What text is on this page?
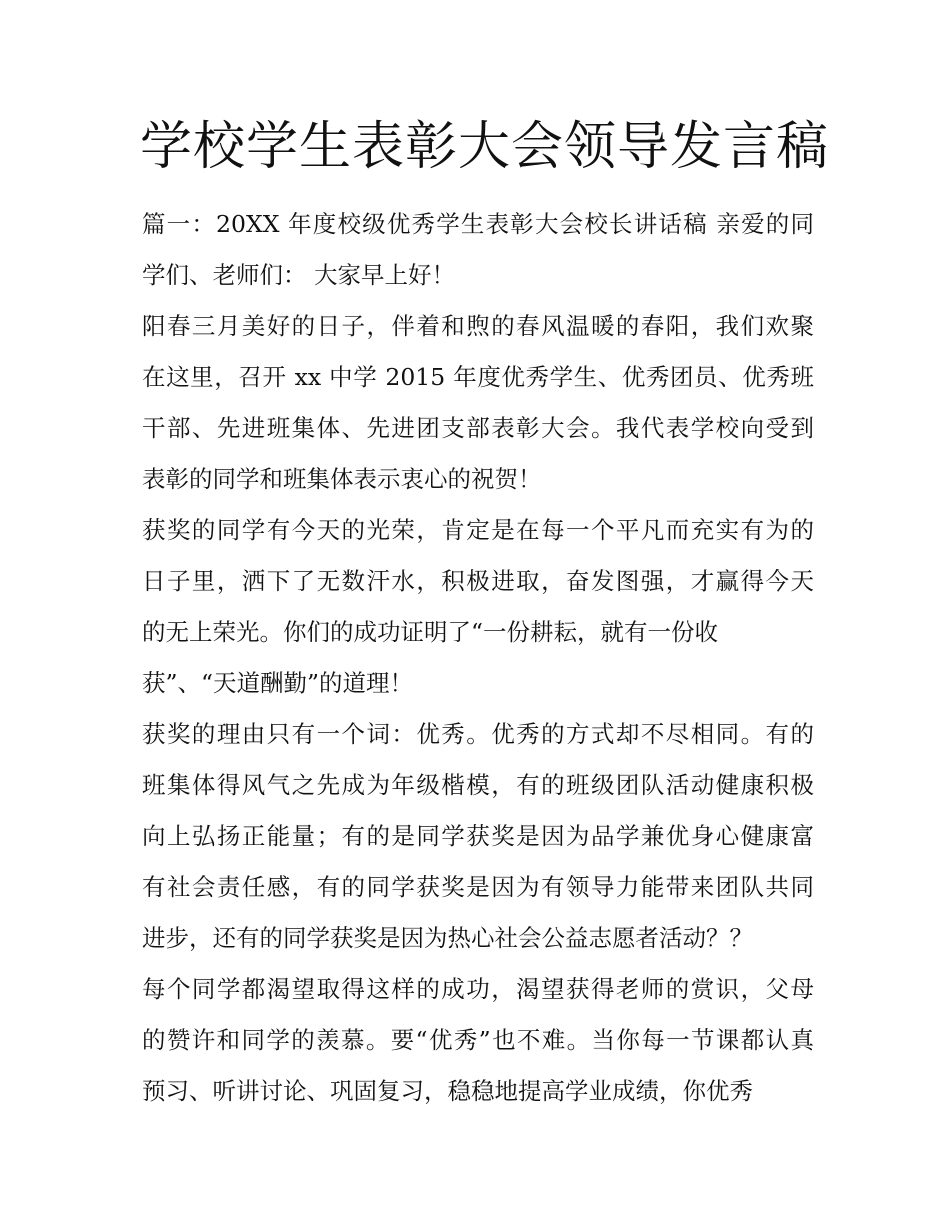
学校学生表彰大会领导发言稿
篇一：20XX 年度校级优秀学生表彰大会校长讲话稿 亲爱的同
学们、老师们： 大家早上好！
阳春三月美好的日子，伴着和煦的春风温暖的春阳，我们欢聚
在这里，召开 xx 中学 2015 年度优秀学生、优秀团员、优秀班
干部、先进班集体、先进团支部表彰大会。我代表学校向受到
表彰的同学和班集体表示衷心的祝贺！
获奖的同学有今天的光荣，肯定是在每一个平凡而充实有为的
日子里，洒下了无数汗水，积极进取，奋发图强，才赢得今天
的无上荣光。你们的成功证明了“一份耕耘，就有一份收
获”、“天道酬勤”的道理！
获奖的理由只有一个词：优秀。优秀的方式却不尽相同。有的
班集体得风气之先成为年级楷模，有的班级团队活动健康积极
向上弘扬正能量；有的是同学获奖是因为品学兼优身心健康富
有社会责任感，有的同学获奖是因为有领导力能带来团队共同
进步，还有的同学获奖是因为热心社会公益志愿者活动？？
每个同学都渴望取得这样的成功，渴望获得老师的赏识，父母
的赞许和同学的羡慕。要“优秀”也不难。当你每一节课都认真
预习、听讲讨论、巩固复习，稳稳地提高学业成绩，你优秀
